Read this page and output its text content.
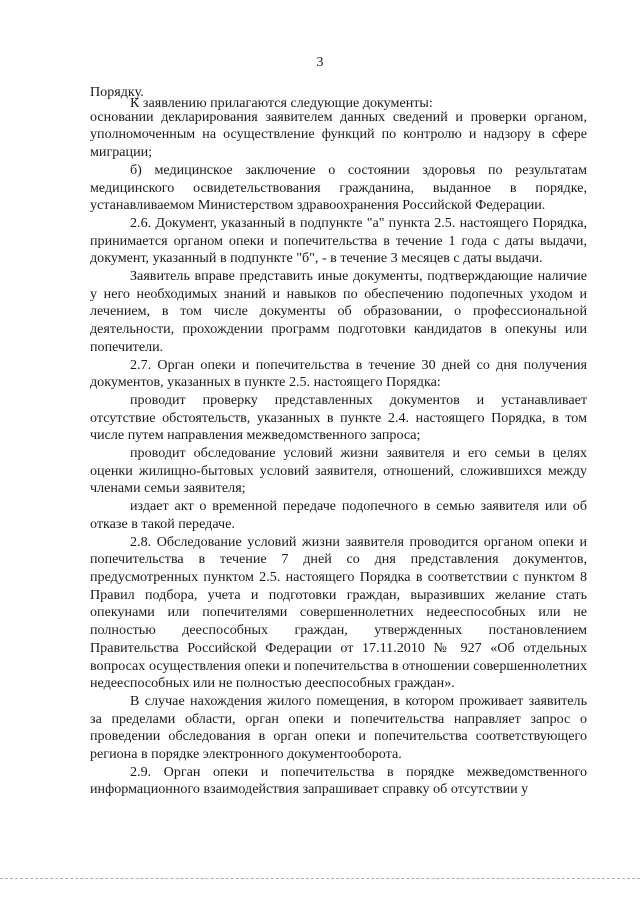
3

Порядку.

К заявлению прилагаются следующие документы:

основании декларирования заявителем данных сведений и проверки органом, уполномоченным на осуществление функций по контролю и надзору в сфере миграции;

б) медицинское заключение о состоянии здоровья по результатам медицинского освидетельствования гражданина, выданное в порядке, устанавливаемом Министерством здравоохранения Российской Федерации.

2.6. Документ, указанный в подпункте "а" пункта 2.5. настоящего Порядка, принимается органом опеки и попечительства в течение 1 года с даты выдачи, документ, указанный в подпункте "б", - в течение 3 месяцев с даты выдачи.

Заявитель вправе представить иные документы, подтверждающие наличие у него необходимых знаний и навыков по обеспечению подопечных уходом и лечением, в том числе документы об образовании, о профессиональной деятельности, прохождении программ подготовки кандидатов в опекуны или попечители.

2.7. Орган опеки и попечительства в течение 30 дней со дня получения документов, указанных в пункте 2.5. настоящего Порядка:

проводит проверку представленных документов и устанавливает отсутствие обстоятельств, указанных в пункте 2.4. настоящего Порядка, в том числе путем направления межведомственного запроса;

проводит обследование условий жизни заявителя и его семьи в целях оценки жилищно-бытовых условий заявителя, отношений, сложившихся между членами семьи заявителя;

издает акт о временной передаче подопечного в семью заявителя или об отказе в такой передаче.

2.8. Обследование условий жизни заявителя проводится органом опеки и попечительства в течение 7 дней со дня представления документов, предусмотренных пунктом 2.5. настоящего Порядка в соответствии с пунктом 8 Правил подбора, учета и подготовки граждан, выразивших желание стать опекунами или попечителями совершеннолетних недееспособных или не полностью дееспособных граждан, утвержденных постановлением Правительства Российской Федерации от 17.11.2010 № 927 «Об отдельных вопросах осуществления опеки и попечительства в отношении совершеннолетних недееспособных или не полностью дееспособных граждан».

В случае нахождения жилого помещения, в котором проживает заявитель за пределами области, орган опеки и попечительства направляет запрос о проведении обследования в орган опеки и попечительства соответствующего региона в порядке электронного документооборота.

2.9. Орган опеки и попечительства в порядке межведомственного информационного взаимодействия запрашивает справку об отсутствии у
